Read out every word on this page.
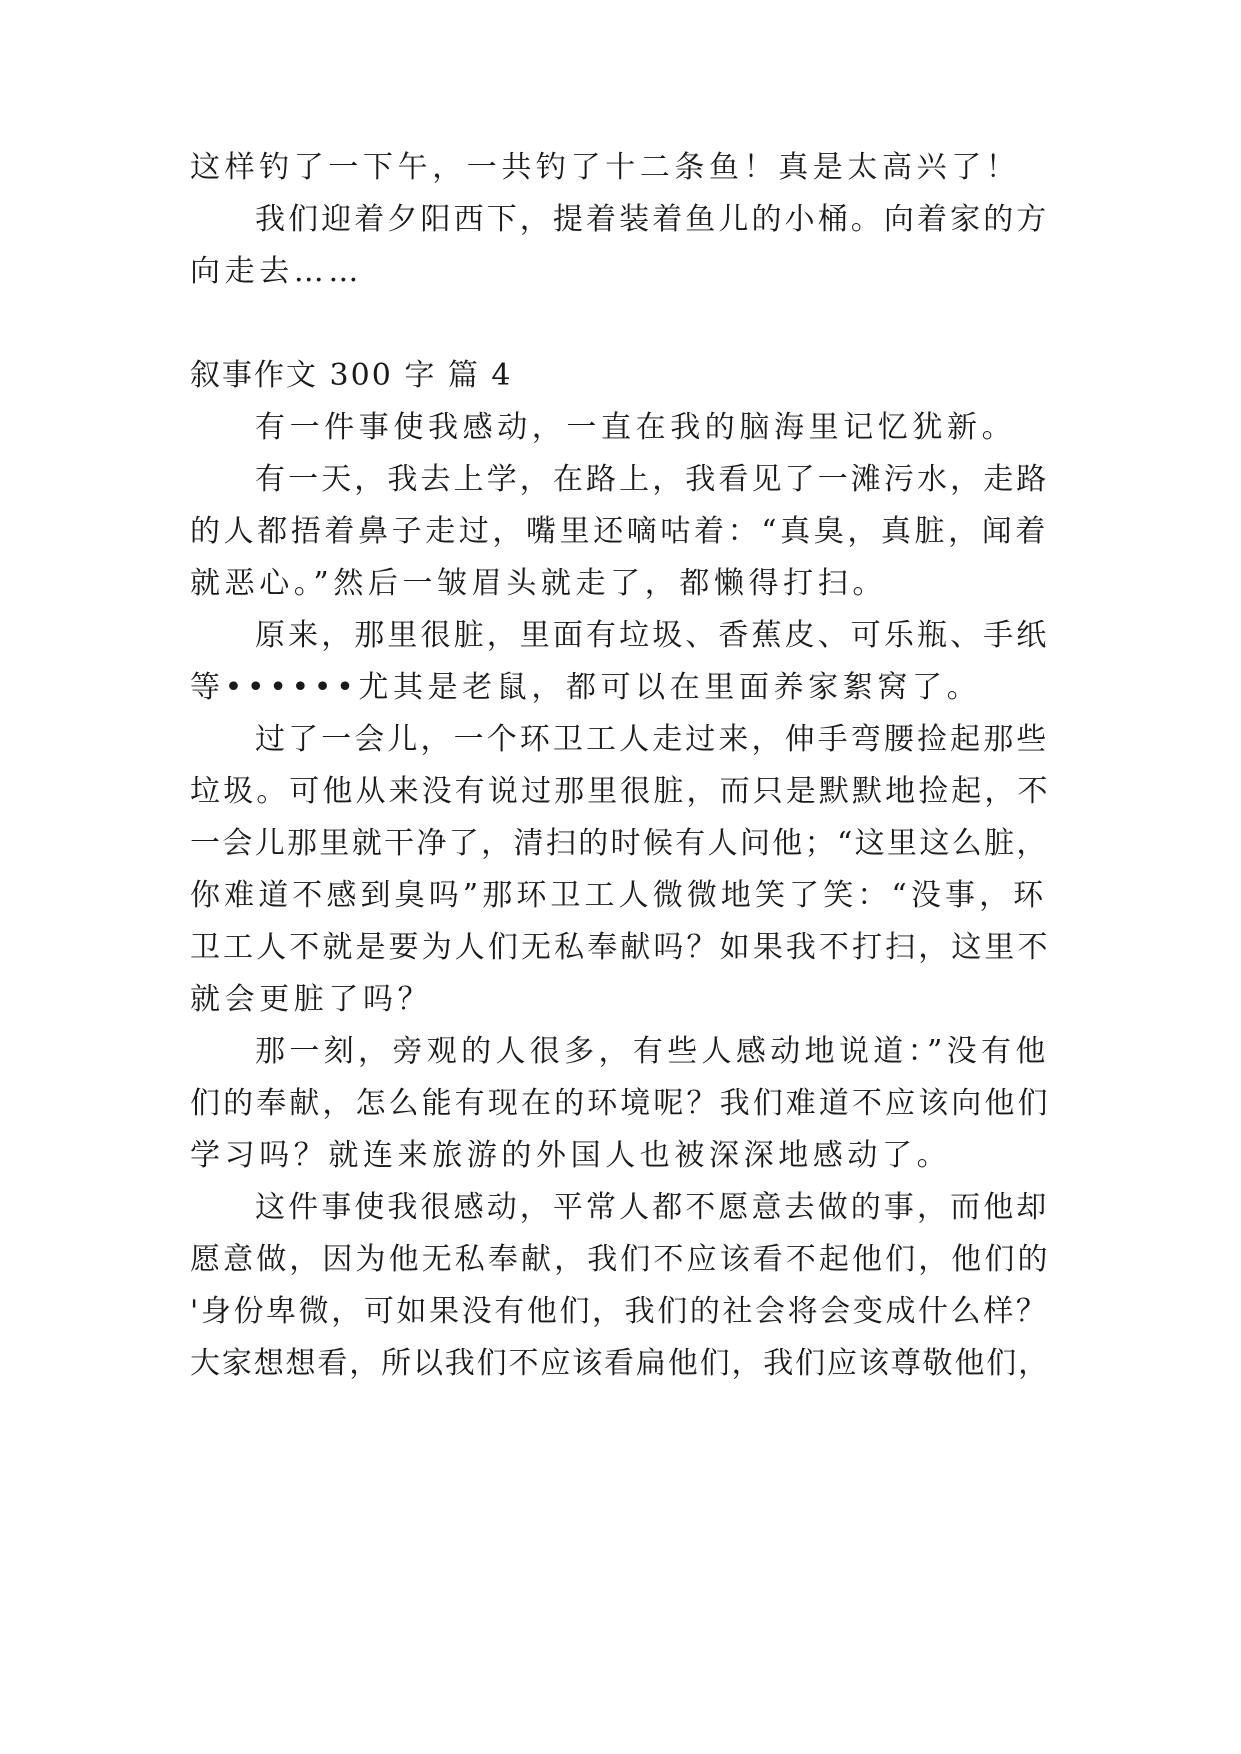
这样钓了一下午，一共钓了十二条鱼！真是太高兴了！
我们迎着夕阳西下，提着装着鱼儿的小桶。向着家的方
向走去……
叙事作文 300 字 篇 4
有一件事使我感动，一直在我的脑海里记忆犹新。
有一天，我去上学，在路上，我看见了一滩污水，走路
的人都捂着鼻子走过，嘴里还嘀咕着：“真臭，真脏，闻着
就恶心。”然后一皱眉头就走了，都懒得打扫。
原来，那里很脏，里面有垃圾、香蕉皮、可乐瓶、手纸
等••••••尤其是老鼠，都可以在里面养家絮窝了。
过了一会儿，一个环卫工人走过来，伸手弯腰捡起那些
垃圾。可他从来没有说过那里很脏，而只是默默地捡起，不
一会儿那里就干净了，清扫的时候有人问他；“这里这么脏，
你难道不感到臭吗”那环卫工人微微地笑了笑：“没事，环
卫工人不就是要为人们无私奉献吗？如果我不打扫，这里不
就会更脏了吗？
那一刻，旁观的人很多，有些人感动地说道：”没有他
们的奉献，怎么能有现在的环境呢？我们难道不应该向他们
学习吗？就连来旅游的外国人也被深深地感动了。
这件事使我很感动，平常人都不愿意去做的事，而他却
愿意做，因为他无私奉献，我们不应该看不起他们，他们的
'身份卑微，可如果没有他们，我们的社会将会变成什么样？
大家想想看，所以我们不应该看扁他们，我们应该尊敬他们，
